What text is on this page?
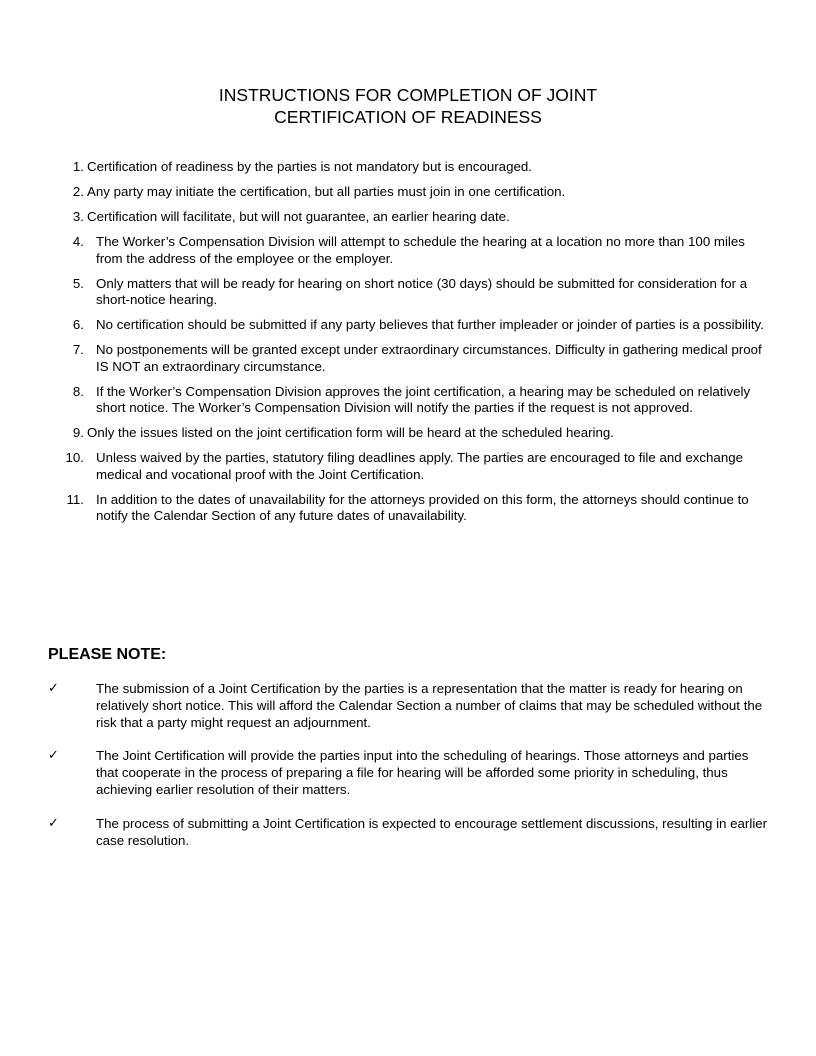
INSTRUCTIONS FOR COMPLETION OF JOINT
CERTIFICATION OF READINESS
1. Certification of readiness by the parties is not mandatory but is encouraged.
2. Any party may initiate the certification, but all parties must join in one certification.
3. Certification will facilitate, but will not guarantee, an earlier hearing date.
4. The Worker’s Compensation Division will attempt to schedule the hearing at a location no more than 100 miles from the address of the employee or the employer.
5. Only matters that will be ready for hearing on short notice (30 days) should be submitted for consideration for a short-notice hearing.
6. No certification should be submitted if any party believes that further impleader or joinder of parties is a possibility.
7. No postponements will be granted except under extraordinary circumstances. Difficulty in gathering medical proof IS NOT an extraordinary circumstance.
8. If the Worker’s Compensation Division approves the joint certification, a hearing may be scheduled on relatively short notice. The Worker’s Compensation Division will notify the parties if the request is not approved.
9. Only the issues listed on the joint certification form will be heard at the scheduled hearing.
10. Unless waived by the parties, statutory filing deadlines apply. The parties are encouraged to file and exchange medical and vocational proof with the Joint Certification.
11. In addition to the dates of unavailability for the attorneys provided on this form, the attorneys should continue to notify the Calendar Section of any future dates of unavailability.
PLEASE NOTE:
✓	The submission of a Joint Certification by the parties is a representation that the matter is ready for hearing on relatively short notice. This will afford the Calendar Section a number of claims that may be scheduled without the risk that a party might request an adjournment.
✓	The Joint Certification will provide the parties input into the scheduling of hearings. Those attorneys and parties that cooperate in the process of preparing a file for hearing will be afforded some priority in scheduling, thus achieving earlier resolution of their matters.
✓	The process of submitting a Joint Certification is expected to encourage settlement discussions, resulting in earlier case resolution.
